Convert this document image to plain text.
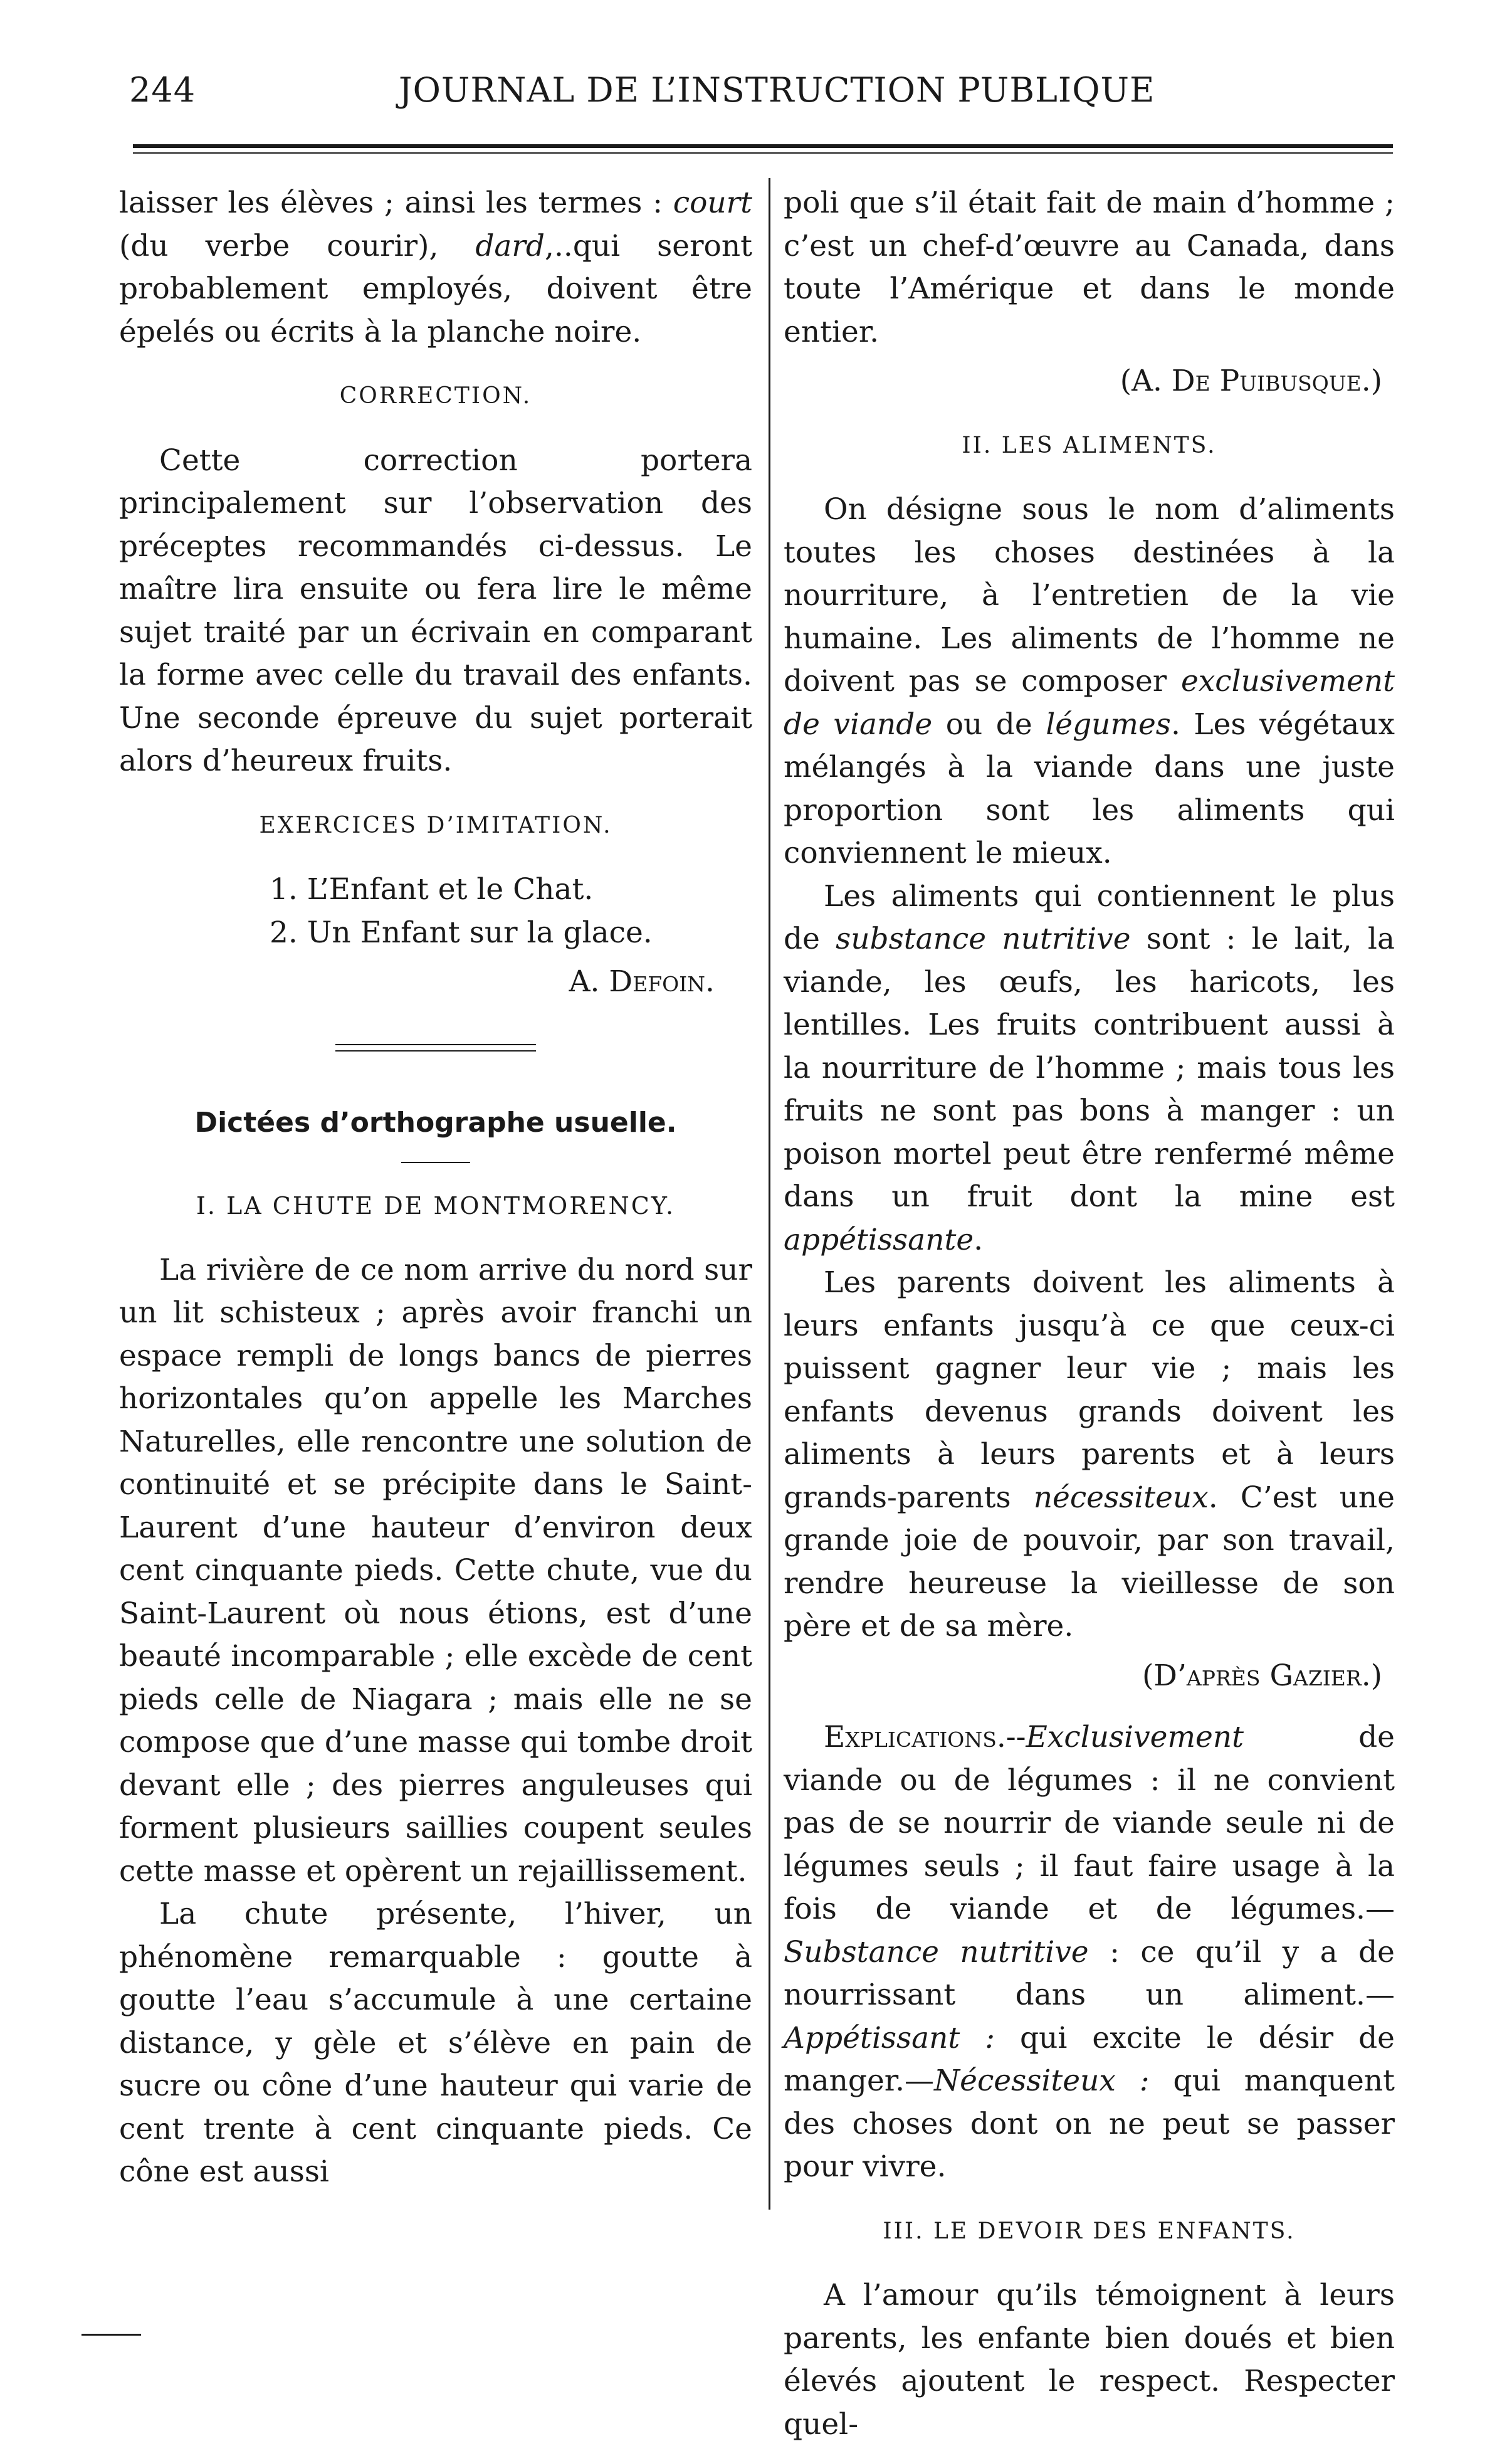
244	JOURNAL DE L’INSTRUCTION PUBLIQUE

laisser les élèves ; ainsi les termes : court (du verbe courir), dard,..qui seront probablement employés, doivent être épelés ou écrits à la planche noire.

CORRECTION.

Cette correction portera principalement sur l’observation des préceptes recommandés ci-dessus. Le maître lira ensuite ou fera lire le même sujet traité par un écrivain en comparant la forme avec celle du travail des enfants. Une seconde épreuve du sujet porterait alors d’heureux fruits.

EXERCICES D’IMITATION.
1. L’Enfant et le Chat.
2. Un Enfant sur la glace.
A. Defoin.
Dictées d’orthographe usuelle.
I. LA CHUTE DE MONTMORENCY.

La rivière de ce nom arrive du nord sur un lit schisteux ; après avoir franchi un espace rempli de longs bancs de pierres horizontales qu’on appelle les Marches Naturelles, elle rencontre une solution de continuité et se précipite dans le Saint-Laurent d’une hauteur d’environ deux cent cinquante pieds. Cette chute, vue du Saint-Laurent où nous étions, est d’une beauté incomparable ; elle excède de cent pieds celle de Niagara ; mais elle ne se compose que d’une masse qui tombe droit devant elle ; des pierres anguleuses qui forment plusieurs saillies coupent seules cette masse et opèrent un rejaillissement.

La chute présente, l’hiver, un phénomène remarquable : goutte à goutte l’eau s’accumule à une certaine distance, y gèle et s’élève en pain de sucre ou cône d’une hauteur qui varie de cent trente à cent cinquante pieds. Ce cône est aussi

poli que s’il était fait de main d’homme ; c’est un chef-d’œuvre au Canada, dans toute l’Amérique et dans le monde entier.

(A. De Puibusque.)
II. LES ALIMENTS.

On désigne sous le nom d’aliments toutes les choses destinées à la nourriture, à l’entretien de la vie humaine. Les aliments de l’homme ne doivent pas se composer exclusivement de viande ou de légumes. Les végétaux mélangés à la viande dans une juste proportion sont les aliments qui conviennent le mieux.

Les aliments qui contiennent le plus de substance nutritive sont : le lait, la viande, les œufs, les haricots, les lentilles. Les fruits contribuent aussi à la nourriture de l’homme ; mais tous les fruits ne sont pas bons à manger : un poison mortel peut être renfermé même dans un fruit dont la mine est appétissante.

Les parents doivent les aliments à leurs enfants jusqu’à ce que ceux-ci puissent gagner leur vie ; mais les enfants devenus grands doivent les aliments à leurs parents et à leurs grands-parents nécessiteux. C’est une grande joie de pouvoir, par son travail, rendre heureuse la vieillesse de son père et de sa mère.

(D’après Gazier.)

Explications.--Exclusivement de viande ou de légumes : il ne convient pas de se nourrir de viande seule ni de légumes seuls ; il faut faire usage à la fois de viande et de légumes.—Substance nutritive : ce qu’il y a de nourrissant dans un aliment.—Appétissant : qui excite le désir de manger.—Nécessiteux : qui manquent des choses dont on ne peut se passer pour vivre.

III. LE DEVOIR DES ENFANTS.

A l’amour qu’ils témoignent à leurs parents, les enfante bien doués et bien élevés ajoutent le respect. Respecter quel-
